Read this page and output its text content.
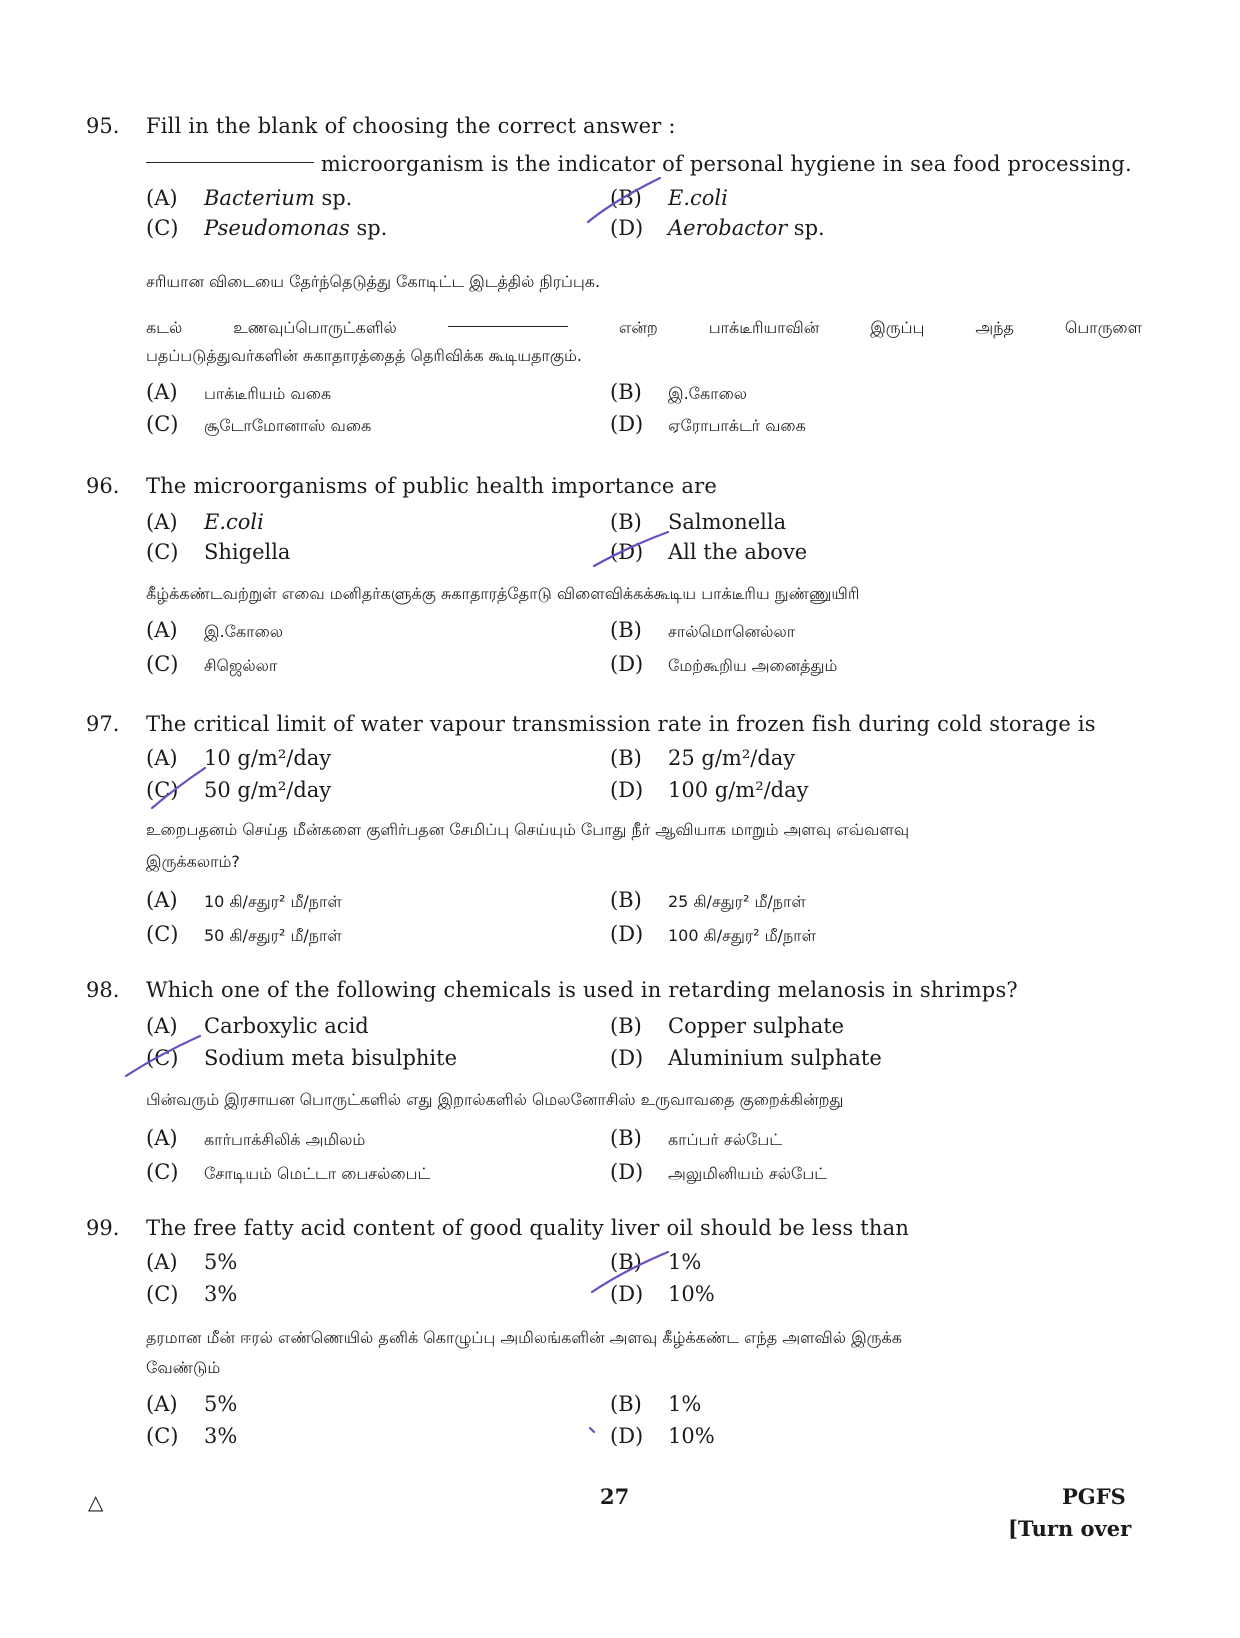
95. Fill in the blank of choosing the correct answer :
microorganism is the indicator of personal hygiene in sea food processing.
(A) Bacterium sp.	(B) E.coli
(C) Pseudomonas sp.	(D) Aerobactor sp.
சரியான விடையை தேர்ந்தெடுத்து கோடிட்ட இடத்தில் நிரப்புக.
கடல் உணவுப்பொருட்களில்	என்ற பாக்டீரியாவின் இருப்பு அந்த பொருளை
பதப்படுத்துவர்களின் சுகாதாரத்தைத் தெரிவிக்க கூடியதாகும்.
(A) பாக்டீரியம் வகை	(B) இ.கோலை
(C) சூடோமோனாஸ் வகை	(D) ஏரோபாக்டர் வகை
96. The microorganisms of public health importance are
(A) E.coli	(B) Salmonella
(C) Shigella	(D) All the above
கீழ்க்கண்டவற்றுள் எவை மனிதர்களுக்கு சுகாதாரத்தோடு விளைவிக்கக்கூடிய பாக்டீரிய நுண்ணுயிரி
(A) இ.கோலை	(B) சால்மொனெல்லா
(C) சிஜெல்லா	(D) மேற்கூறிய அனைத்தும்
97. The critical limit of water vapour transmission rate in frozen fish during cold storage is
(A) 10 g/m²/day	(B) 25 g/m²/day
(C) 50 g/m²/day	(D) 100 g/m²/day
உறைபதனம் செய்த மீன்களை குளிர்பதன சேமிப்பு செய்யும் போது நீர் ஆவியாக மாறும் அளவு எவ்வளவு
இருக்கலாம்?
(A) 10 கி/சதுர² மீ/நாள்	(B) 25 கி/சதுர² மீ/நாள்
(C) 50 கி/சதுர² மீ/நாள்	(D) 100 கி/சதுர² மீ/நாள்
98. Which one of the following chemicals is used in retarding melanosis in shrimps?
(A) Carboxylic acid	(B) Copper sulphate
(C) Sodium meta bisulphite	(D) Aluminium sulphate
பின்வரும் இரசாயன பொருட்களில் எது இறால்களில் மெலனோசிஸ் உருவாவதை குறைக்கின்றது
(A) கார்பாக்சிலிக் அமிலம்	(B) காப்பர் சல்பேட்
(C) சோடியம் மெட்டா பைசல்பைட்	(D) அலுமினியம் சல்பேட்
99. The free fatty acid content of good quality liver oil should be less than
(A) 5%	(B) 1%
(C) 3%	(D) 10%
தரமான மீன் ஈரல் எண்ணெயில் தனிக் கொழுப்பு அமிலங்களின் அளவு கீழ்க்கண்ட எந்த அளவில் இருக்க
வேண்டும்
(A) 5%	(B) 1%
(C) 3%	(D) 10%
△	27	PGFS
[Turn over
